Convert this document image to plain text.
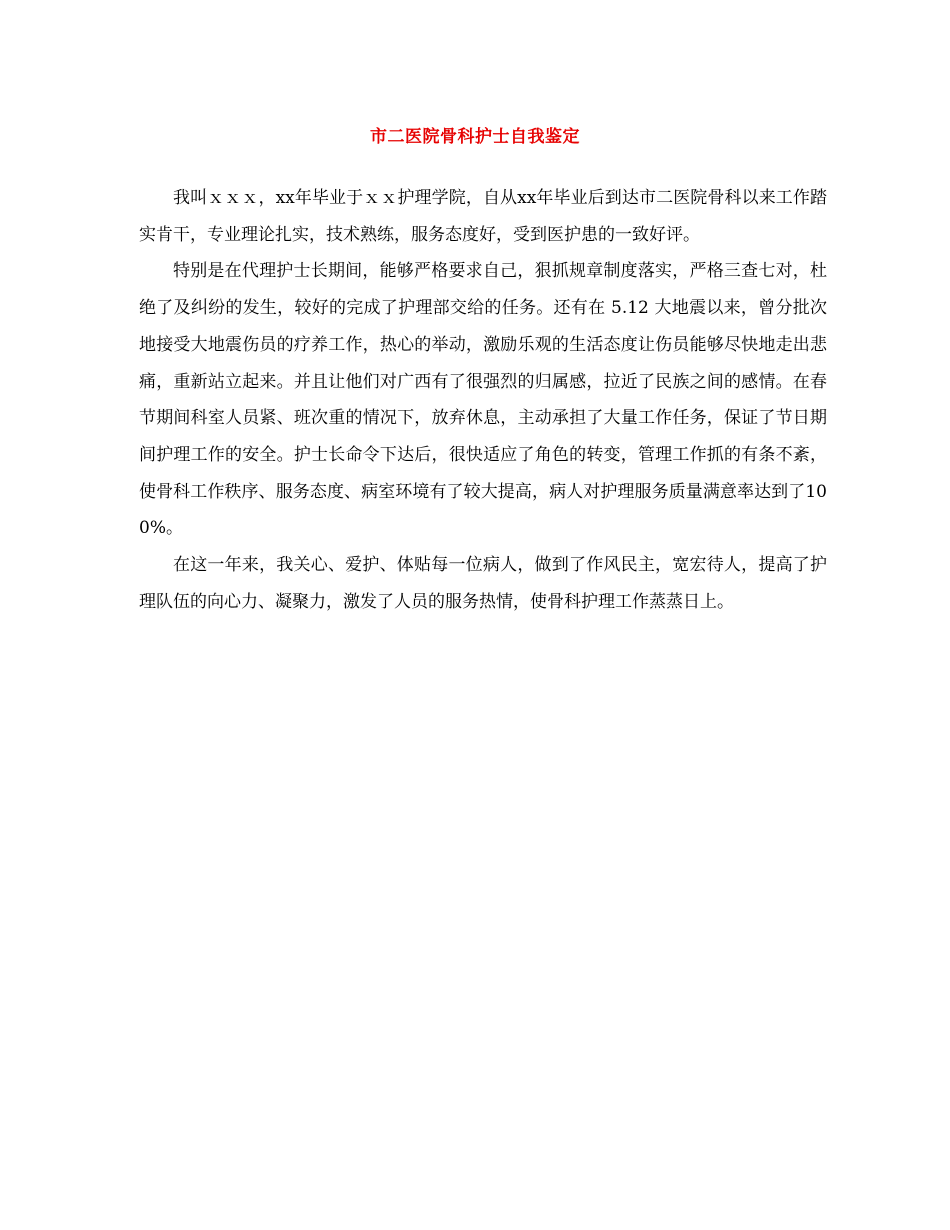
市二医院骨科护士自我鉴定

我叫ｘｘｘ，xx年毕业于ｘｘ护理学院，自从xx年毕业后到达市二医院骨科以来工作踏实肯干，专业理论扎实，技术熟练，服务态度好，受到医护患的一致好评。

特别是在代理护士长期间，能够严格要求自己，狠抓规章制度落实，严格三查七对，杜绝了及纠纷的发生，较好的完成了护理部交给的任务。还有在 5.12 大地震以来，曾分批次地接受大地震伤员的疗养工作，热心的举动，激励乐观的生活态度让伤员能够尽快地走出悲痛，重新站立起来。并且让他们对广西有了很强烈的归属感，拉近了民族之间的感情。在春节期间科室人员紧、班次重的情况下，放弃休息，主动承担了大量工作任务，保证了节日期间护理工作的安全。护士长命令下达后，很快适应了角色的转变，管理工作抓的有条不紊，使骨科工作秩序、服务态度、病室环境有了较大提高，病人对护理服务质量满意率达到了100%。

在这一年来，我关心、爱护、体贴每一位病人，做到了作风民主，宽宏待人，提高了护理队伍的向心力、凝聚力，激发了人员的服务热情，使骨科护理工作蒸蒸日上。
